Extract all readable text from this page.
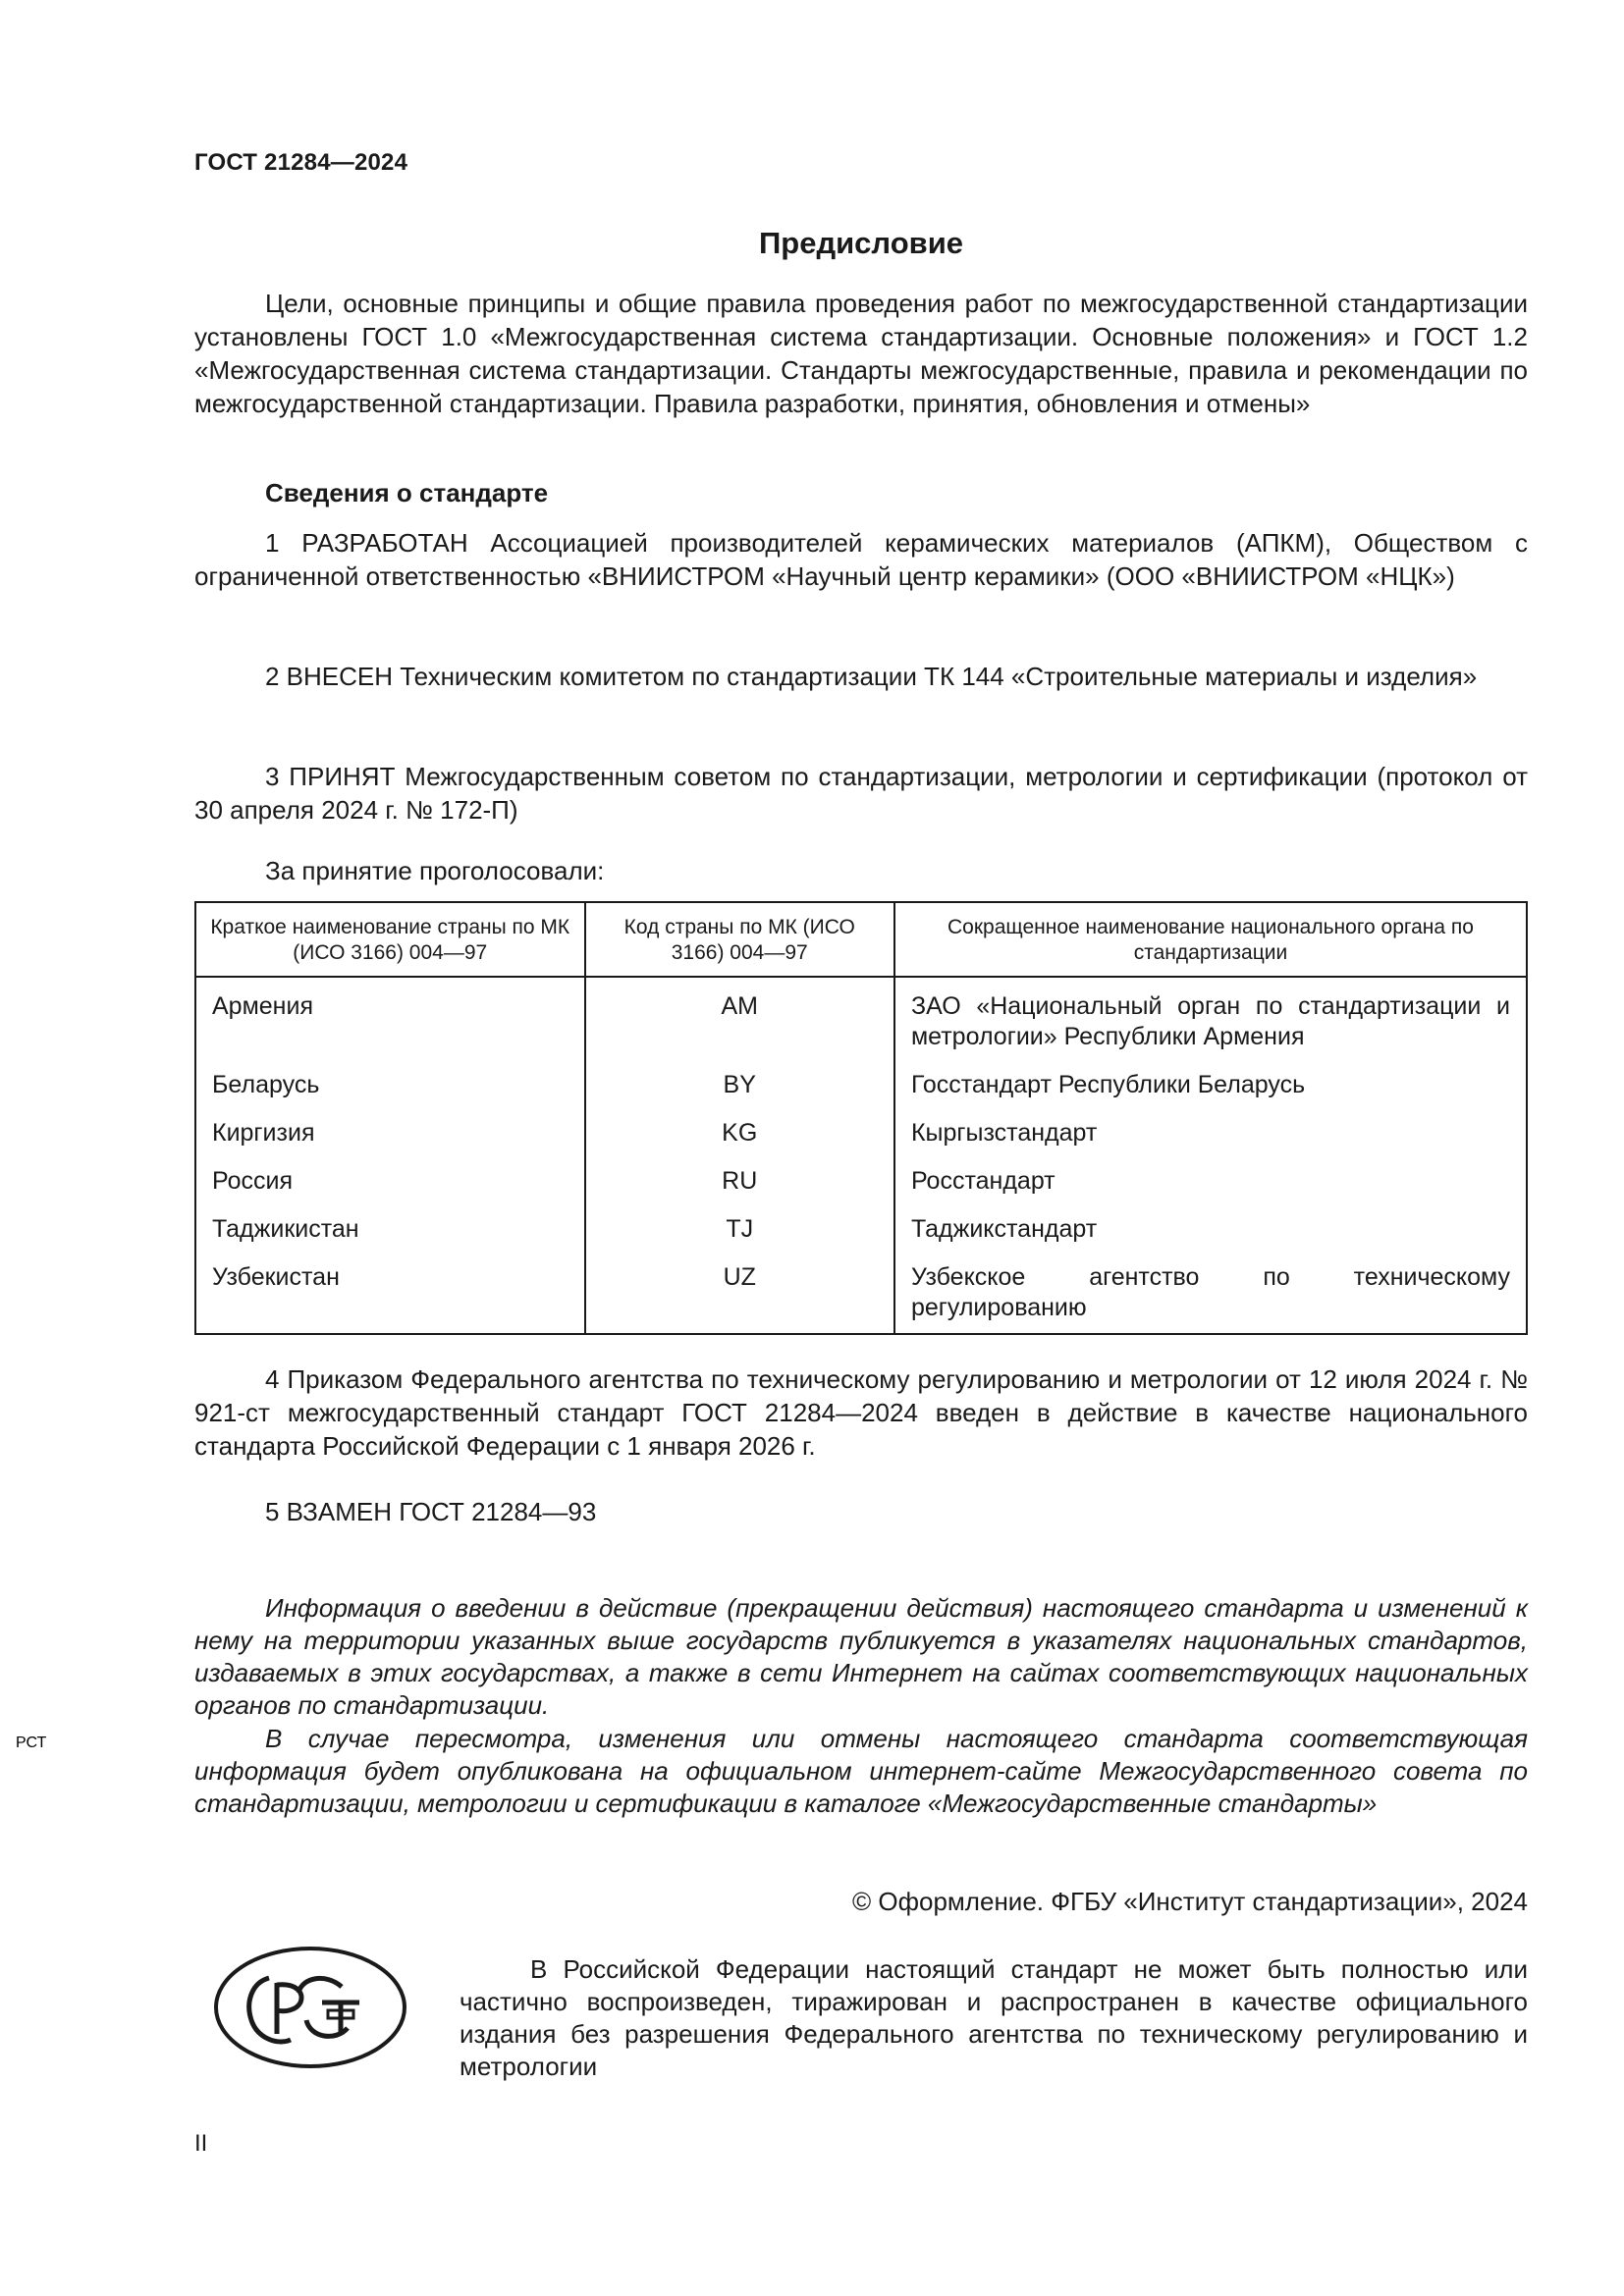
ГОСТ 21284—2024
Предисловие

Цели, основные принципы и общие правила проведения работ по межгосударственной стандартизации установлены ГОСТ 1.0 «Межгосударственная система стандартизации. Основные положения» и ГОСТ 1.2 «Межгосударственная система стандартизации. Стандарты межгосударственные, правила и рекомендации по межгосударственной стандартизации. Правила разработки, принятия, обновления и отмены»

Сведения о стандарте

1 РАЗРАБОТАН Ассоциацией производителей керамических материалов (АПКМ), Обществом с ограниченной ответственностью «ВНИИСТРОМ «Научный центр керамики» (ООО «ВНИИСТРОМ «НЦК»)

2 ВНЕСЕН Техническим комитетом по стандартизации ТК 144 «Строительные материалы и изделия»

3 ПРИНЯТ Межгосударственным советом по стандартизации, метрологии и сертификации (протокол от 30 апреля 2024 г. № 172-П)

За принятие проголосовали:
Краткое наименование страны по МК (ИСО 3166) 004—97	Код страны по МК (ИСО 3166) 004—97	Сокращенное наименование национального органа по стандартизации
Армения	AM	ЗАО «Национальный орган по стандартизации и метрологии» Республики Армения
Беларусь	BY	Госстандарт Республики Беларусь
Киргизия	KG	Кыргызстандарт
Россия	RU	Росстандарт
Таджикистан	TJ	Таджикстандарт
Узбекистан	UZ	Узбекское агентство по техническому регулированию

4 Приказом Федерального агентства по техническому регулированию и метрологии от 12 июля 2024 г. № 921-ст межгосударственный стандарт ГОСТ 21284—2024 введен в действие в качестве национального стандарта Российской Федерации с 1 января 2026 г.

5 ВЗАМЕН ГОСТ 21284—93

Информация о введении в действие (прекращении действия) настоящего стандарта и изменений к нему на территории указанных выше государств публикуется в указателях национальных стандартов, издаваемых в этих государствах, а также в сети Интернет на сайтах соответствующих национальных органов по стандартизации.

В случае пересмотра, изменения или отмены настоящего стандарта соответствующая информация будет опубликована на официальном интернет-сайте Межгосударственного совета по стандартизации, метрологии и сертификации в каталоге «Межгосударственные стандарты»

© Оформление. ФГБУ «Институт стандартизации», 2024
РСТ

В Российской Федерации настоящий стандарт не может быть полностью или частично воспроизведен, тиражирован и распространен в качестве официального издания без разрешения Федерального агентства по техническому регулированию и метрологии

II
